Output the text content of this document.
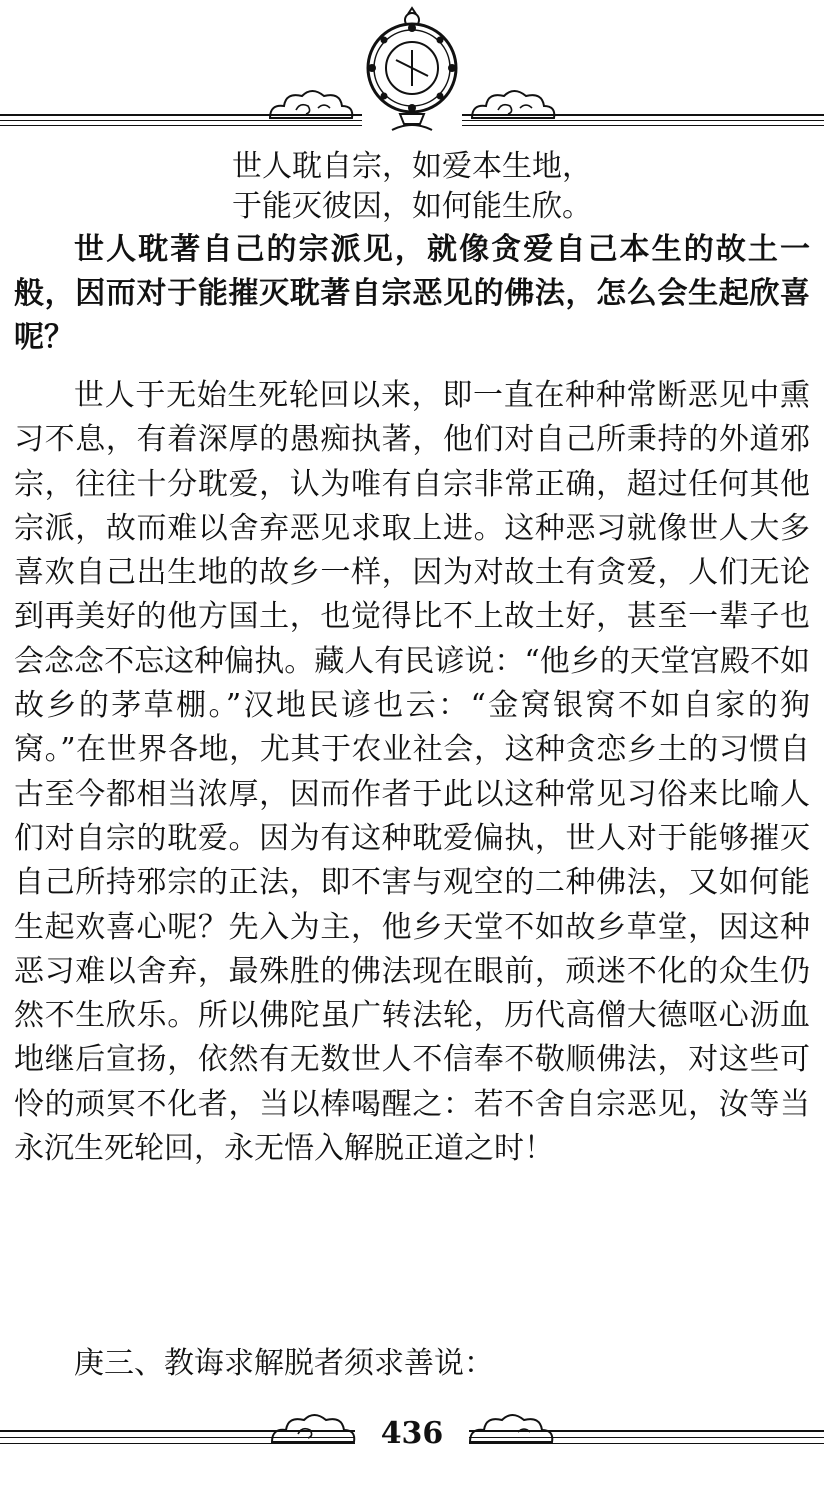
世人耽自宗，如爱本生地，
于能灭彼因，如何能生欣。
世人耽著自己的宗派见，就像贪爱自己本生的故土一般，因而对于能摧灭耽著自宗恶见的佛法，怎么会生起欣喜呢？
世人于无始生死轮回以来，即一直在种种常断恶见中熏习不息，有着深厚的愚痴执著，他们对自己所秉持的外道邪宗，往往十分耽爱，认为唯有自宗非常正确，超过任何其他宗派，故而难以舍弃恶见求取上进。这种恶习就像世人大多喜欢自己出生地的故乡一样，因为对故土有贪爱，人们无论到再美好的他方国土，也觉得比不上故土好，甚至一辈子也会念念不忘这种偏执。藏人有民谚说：“他乡的天堂宫殿不如故乡的茅草棚。”汉地民谚也云：“金窝银窝不如自家的狗窝。”在世界各地，尤其于农业社会，这种贪恋乡土的习惯自古至今都相当浓厚，因而作者于此以这种常见习俗来比喻人们对自宗的耽爱。因为有这种耽爱偏执，世人对于能够摧灭自己所持邪宗的正法，即不害与观空的二种佛法，又如何能生起欢喜心呢？先入为主，他乡天堂不如故乡草堂，因这种恶习难以舍弃，最殊胜的佛法现在眼前，顽迷不化的众生仍然不生欣乐。所以佛陀虽广转法轮，历代高僧大德呕心沥血地继后宣扬，依然有无数世人不信奉不敬顺佛法，对这些可怜的顽冥不化者，当以棒喝醒之：若不舍自宗恶见，汝等当永沉生死轮回，永无悟入解脱正道之时！
庚三、教诲求解脱者须求善说：
436
